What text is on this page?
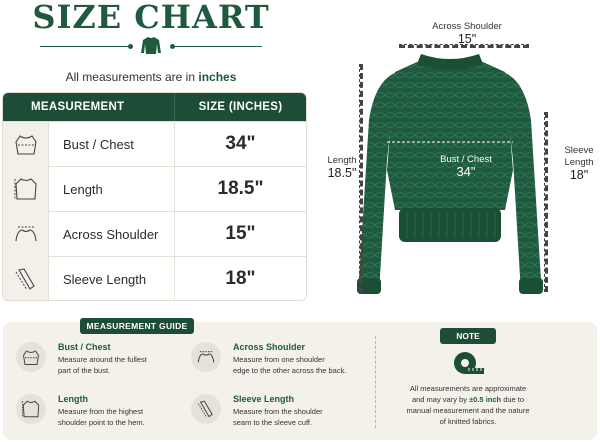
SIZE CHART
All measurements are in inches
MEASUREMENT	SIZE (INCHES)
Bust / Chest	34"
Length	18.5"
Across Shoulder	15"
Sleeve Length	18"
Across Shoulder
15"
Bust / Chest
34"
Length
18.5"
Sleeve
Length
18"
MEASUREMENT GUIDE
Bust / Chest
Measure around the fullest
part of the bust.
Across Shoulder
Measure from one shoulder
edge to the other across the back.
Length
Measure from the highest
shoulder point to the hem.
Sleeve Length
Measure from the shoulder
seam to the sleeve cuff.
NOTE
All measurements are approximate
and may vary by ±0.5 inch due to
manual measurement and the nature
of knitted fabrics.
